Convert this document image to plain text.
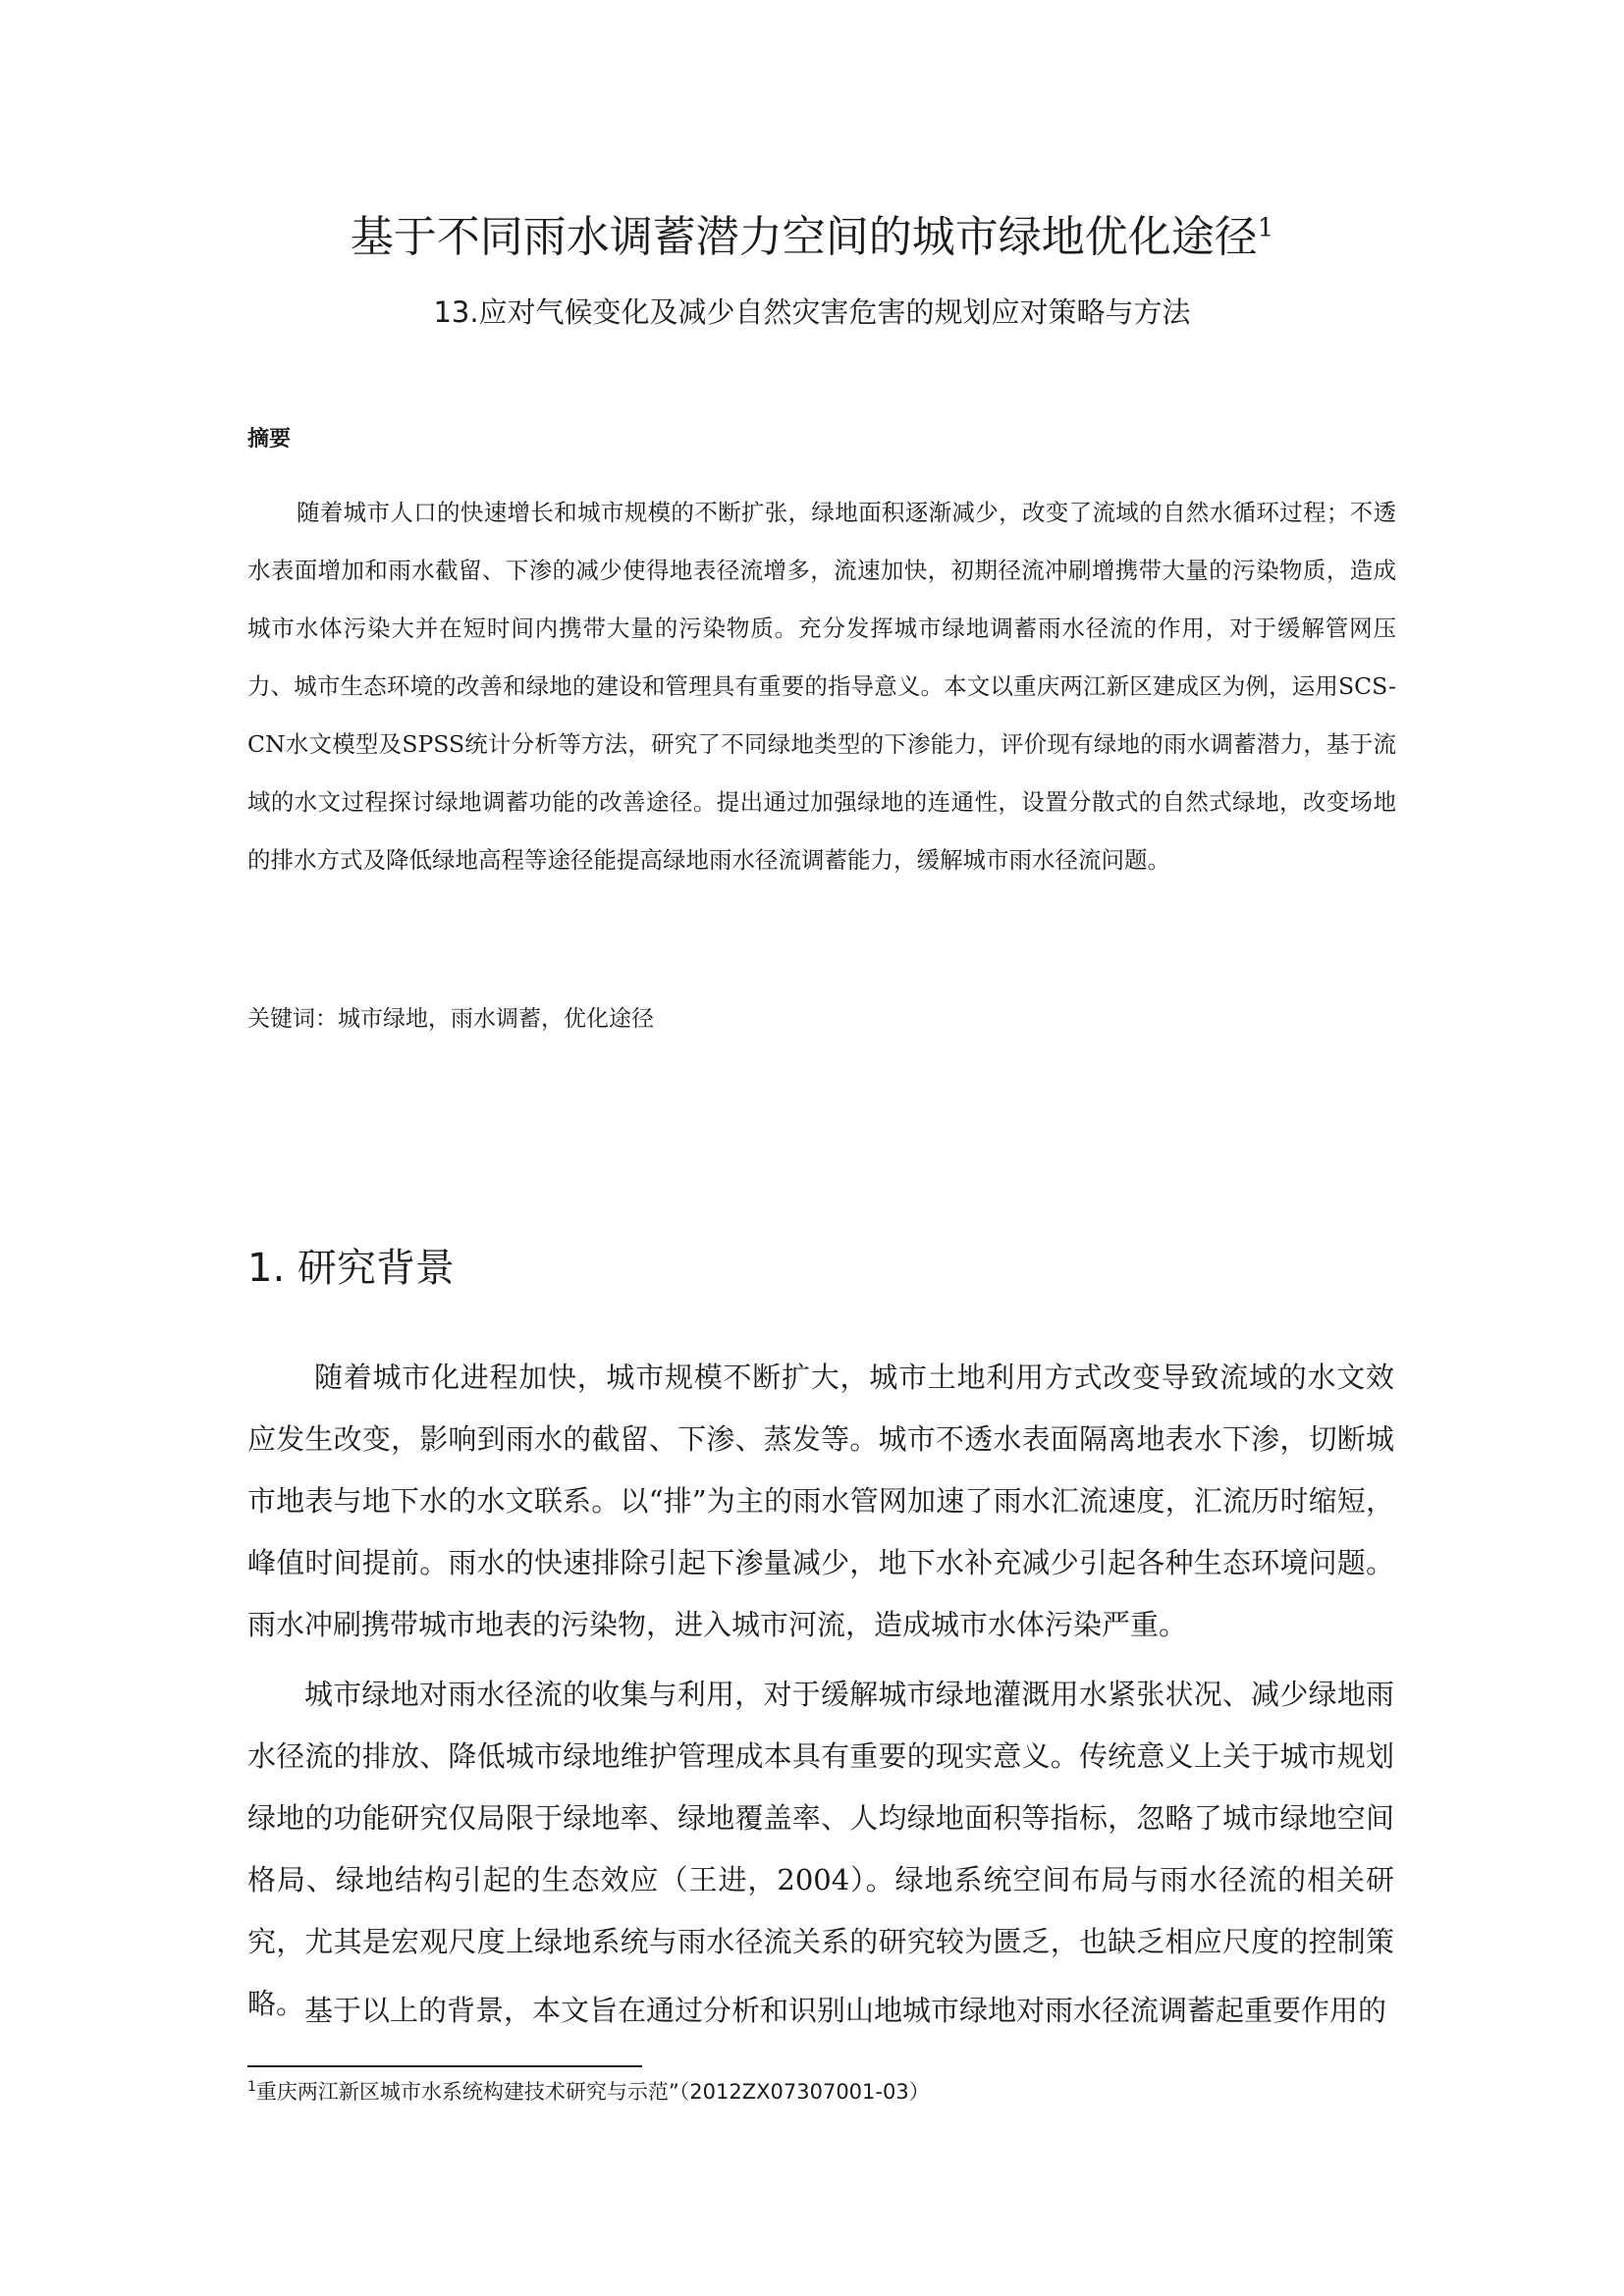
基于不同雨水调蓄潜力空间的城市绿地优化途径$^1$
13.应对气候变化及减少自然灾害危害的规划应对策略与方法
摘要

随着城市人口的快速增长和城市规模的不断扩张，绿地面积逐渐减少，改变了流域的自然水循环过程；不透水表面增加和雨水截留、下渗的减少使得地表径流增多，流速加快，初期径流冲刷增携带大量的污染物质，造成城市水体污染大并在短时间内携带大量的污染物质。充分发挥城市绿地调蓄雨水径流的作用，对于缓解管网压力、城市生态环境的改善和绿地的建设和管理具有重要的指导意义。本文以重庆两江新区建成区为例，运用SCS-CN水文模型及SPSS统计分析等方法，研究了不同绿地类型的下渗能力，评价现有绿地的雨水调蓄潜力，基于流域的水文过程探讨绿地调蓄功能的改善途径。提出通过加强绿地的连通性，设置分散式的自然式绿地，改变场地的排水方式及降低绿地高程等途径能提高绿地雨水径流调蓄能力，缓解城市雨水径流问题。

关键词：城市绿地，雨水调蓄，优化途径
1. 研究背景

随着城市化进程加快，城市规模不断扩大，城市土地利用方式改变导致流域的水文效应发生改变，影响到雨水的截留、下渗、蒸发等。城市不透水表面隔离地表水下渗，切断城市地表与地下水的水文联系。以“排”为主的雨水管网加速了雨水汇流速度，汇流历时缩短，峰值时间提前。雨水的快速排除引起下渗量减少，地下水补充减少引起各种生态环境问题。雨水冲刷携带城市地表的污染物，进入城市河流，造成城市水体污染严重。

城市绿地对雨水径流的收集与利用，对于缓解城市绿地灌溉用水紧张状况、减少绿地雨水径流的排放、降低城市绿地维护管理成本具有重要的现实意义。传统意义上关于城市规划绿地的功能研究仅局限于绿地率、绿地覆盖率、人均绿地面积等指标，忽略了城市绿地空间格局、绿地结构引起的生态效应（王进，2004）。绿地系统空间布局与雨水径流的相关研究，尤其是宏观尺度上绿地系统与雨水径流关系的研究较为匮乏，也缺乏相应尺度的控制策略。 基于以上的背景，本文旨在通过分析和识别山地城市绿地对雨水径流调蓄起重要作用的

$^1$重庆两江新区城市水系统构建技术研究与示范”（2012ZX07307001-03）
